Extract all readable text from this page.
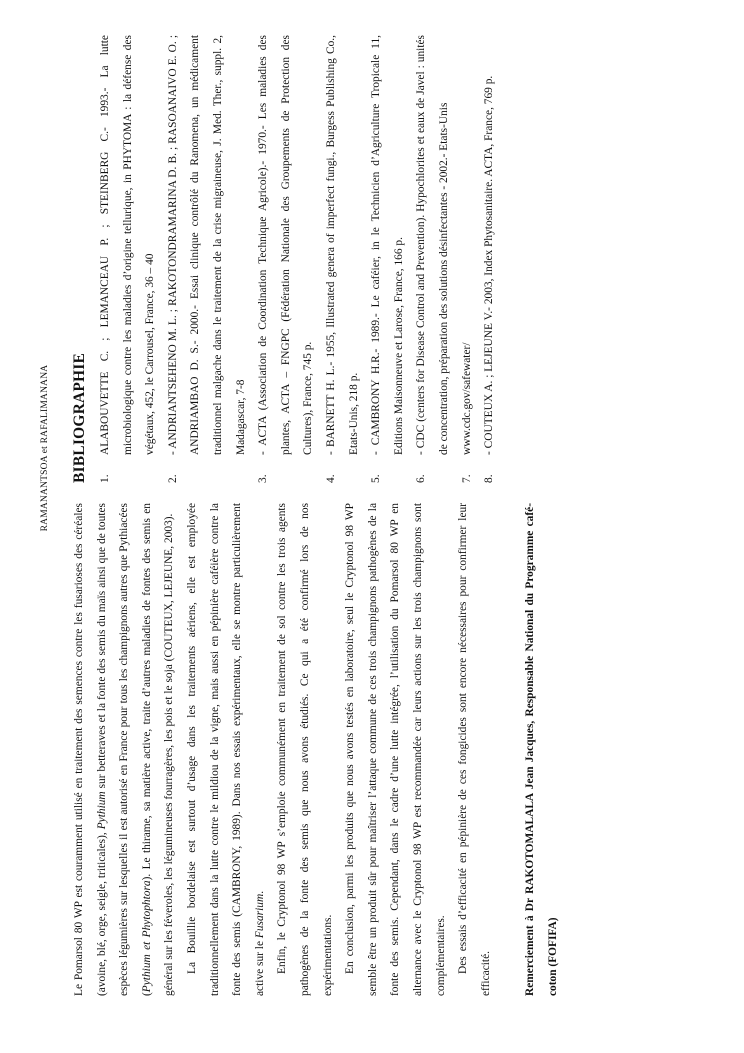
RAMANANTSOA et RAFALIMANANA

Le Pomarsol 80 WP est couramment utilisé en traitement des semences contre les fusarioses des céréales (avoine, blé, orge, seigle, triticales), Pythium sur betteraves et la fonte des semis du maïs ainsi que de toutes espèces légumières sur lesquelles il est autorisé en France pour tous les champignons autres que Pythiacées (Pythium et Phytophtora). Le thirame, sa matière active, traite d’autres maladies de fontes des semis en général sur les féveroles, les légumineuses fourragères, les pois et le soja (COUTEUX, LEJEUNE, 2003). La Bouillie bordelaise est surtout d’usage dans les traitements aériens, elle est employée traditionnellement dans la lutte contre le mildiou de la vigne, mais aussi en pépinière caféière contre la fonte des semis (CAMBRONY, 1989). Dans nos essais expérimentaux, elle se montre particulièrement active sur le Fusarium. Enfin, le Cryptonol 98 WP s’emploie communément en traitement de sol contre les trois agents pathogènes de la fonte des semis que nous avons étudiés. Ce qui a été confirmé lors de nos expérimentations. En conclusion, parmi les produits que nous avons testés en laboratoire, seul le Cryptonol 98 WP semble être un produit sûr pour maîtriser l’attaque commune de ces trois champignons pathogènes de la fonte des semis. Cependant, dans le cadre d’une lutte intégrée, l’utilisation du Pomarsol 80 WP en alternance avec le Cryptonol 98 WP est recommandée car leurs actions sur les trois champignons sont complémentaires. Des essais d’efficacité en pépinière de ces fongicides sont encore nécessaires pour confirmer leur efficacité.	Remerciement à Dr RAKOTOMALALA Jean Jacques, Responsable National du Programme café-coton (FOFIFA)

BIBLIOGRAPHIE 1.
ALABOUVETTE C. ; LEMANCEAU P. ; STEINBERG C.- 1993.- La lutte microbiologique contre les maladies d’origine tellurique, in PHYTOMA : la défense des végétaux, 452, le Carrousel, France, 36 – 40
2.
- ANDRIANTSEHENO M. L. ; RAKOTONDRAMARINA D. B. ; RASOANAIVO E. O. ; ANDRIAMBAO D. S.- 2000.- Essai clinique contrôlé du Ranomena, un médicament traditionnel malgache dans le traitement de la crise migraineuse, J. Med. Ther., suppl. 2, Madagascar, 7-8
3.
- ACTA (Association de Coordination Technique Agricole).- 1970.- Les maladies des plantes, ACTA – FNGPC (Fédération Nationale des Groupements de Protection des Cultures), France, 745 p.
4.
- BARNETT H. L.- 1955, Illustrated genera of imperfect fungi., Burgess Publishing Co., Etats-Unis, 218 p.
5.
- CAMBRONY H.R.- 1989.- Le caféier, in le Technicien d’Agriculture Tropicale 11, Editions Maisonneuve et Larose, France, 166 p.
6.
- CDC (centers for Disease Control and Prevention). Hypochlorites et eaux de Javel : unités de concentration, préparation des solutions désinfectantes - 2002.- Etats-Unis
7.
www.cdc.gov/safewater/
8.
- COUTEUX A. ; LEJEUNE V.- 2003, Index Phytosanitaire. ACTA, France, 769 p.
